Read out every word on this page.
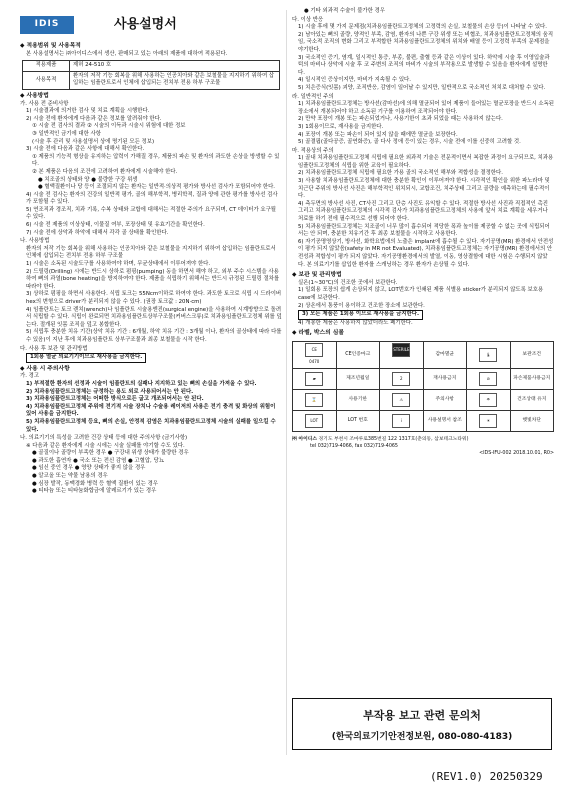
IDIS	사용설명서

◆ 적용범위 및 사용목적

본 사용설명서는 ㈜아이디스에서 생산, 판매되고 있는 아래의 제품에 대하여 적용된다.

적용제품	제허 24-510 호
사용목적	환자의 저작 기능 회복을 위해 사용하는 인공치아와 같은 보철물을 지지하기 위하여 삽입하는 임플란트로서 인체에 삽입되는 전치부 전용 하부 구조물

◆ 사용방법

가. 사용 전 준비사항

1) 시술결과에 의거한 검사 및 치료 계획을 시행한다.

2) 시술 전에 환자에게 다음과 같은 정보를 알려줘야 한다.

① 시술 전 검사의 결과 ② 시술의 이득과 시술시 위험에 대한 정보

③ 일반적인 금기에 대한 사항

(시술 후 관리 및 사용설명서 상에 명기된 모든 정보)

3) 시술 전에 다음과 같은 사항에 대해서 확인한다.

① 제품의 기능적 형상을 유지하는 압력이 가해질 경우, 제품의 파손 및 환자의 과도한 손상을 방생할 수 있다.

② 본 제품은 다음의 조건에 고려하여 환자에게 시술해야 한다.

● 치조골의 상태와 양 ● 불량한 구강 위생

● 혈액질환이나 당 등이 조절되지 않는 환자는 일반적·의상적 평가와 방사선 검사가 포함되어야 한다.

4) 시술 전 검사는 환자의 건강의 일반적 평가, 골의 해부학적, 병리학적, 질과 양에 관한 평가를 방사선 검사가 포함될 수 있다.

5) 연조직과 경조직, 치과 기록, 수복 상태와 교합에 대해서는 적절한 주의가 요구되며, CT 데이터가 요구될 수 있다.

6) 시술 전 제품의 이상상태, 이물질 여부, 포장상태 및 유효기간을 확인한다.

7) 시술 전에 상악과 하악에 대해서 각각 골 상태를 확인한다.

나. 사용방법

환자의 저작 기능 회복을 위해 사용하는 인공치아와 같은 보철물을 지지하기 위하여 삽입하는 임플란트로서 인체에 삽입되는 전치부 전용 하부 구조물

1) 시술은 소독된 시술도구를 사용하여야 하며, 무균상태에서 이루어져야 한다.

2) 드릴링(Drilling) 시에는 반드시 상하로 펌핑(pumping) 동을 하면서 해야 하고, 외부 주수 시스템을 사용하여 뼈의 과열(bone heating)을 방지하여야 한다. 제품을 식립하기 위해서는 반드시 규정된 드릴링 절차를 따라야 한다.

3) 상하로 펌핑을 하면서 사용한다. 식립 토크는 55Ncm이하로 하여야 한다. 과도한 토크로 식립 시 드라이버 hex의 변형으로 driver가 분리되지 않을 수 있다. (권장 토크값 : 20N·cm)

4) 임플란트는 토크 렌치(wrench)나 임플란트 시술용엔진(surgical engine)을 사용하여 시계방향으로 돌려서 식립할 수 있다. 식립이 완료되면 치과용임플란트상부구조물(커버스크류)로 치과용임플란트고정체 위를 덮는다. 절개된 잇몸 조직을 덮고 봉합한다.

5) 식립후 충분한 치유 기간(상악 치유 기간 : 6개월, 하악 치유 기간 : 3개월 이나, 환자의 골상태에 따라 다를 수 있음)이 지난 후에 치과용임플란트 상부구조물과 최종 보철물을 시작 한다.

다. 사용 후 보관 및 관리방법

1회용 멸균 의료기기이므로 재사용을 금지한다.

◆ 사용 시 주의사항

가. 경고

1) 부적절한 환자의 선정과 시술이 임플란트의 실패나 지지하고 있는 뼈의 손실을 가져올 수 있다.

2) 치과용임플란트고정체는 규정하는 용도 외로 사용되어서는 안 된다.

3) 치과용임플란트고정체는 어떠한 방식으로든 굽고 개조되어서는 안 된다.

4) 치과용임플란트고정체 주위에 전기적 시술 장치나 수술용 레이저의 사용은 전기 충격 및 화상의 위험이 있어 사용을 금지한다.

5) 치과용임플란트고정체 등요, 뼈의 손실, 안정적 감염은 치과용임플란트고정체 시술의 실패를 일으킬 수 있다.

나. 의료기기의 특성을 고려한 건강 상태 등에 대한 주의사항 (금기사항)

※ 다음과 같은 환자에게 시술 시에는 시술 실패를 야기할 수도 있다.

● 골질이나 골량이 부족한 경우 ● 구강내 위생 상태가 불량한 경우

● 과도한 흡연자 ● 국소 또는 전신 감염 ● 고혈압, 당뇨

● 임신 중인 경우 ● 영양 상태가 좋지 않을 경우

● 알코올 또는 약물 남용의 경우

● 심장 발작, 동맥경화 병력 등 혈액 질환이 있는 경우

● 티타늄 또는 티타늄화합금에 알레르기가 있는 경우

● 기타 외과적 수술이 불가한 경우

다. 이상 반응

1) 시술 후에 몇 가지 문제점(치과용임플란트고정체의 고정력의 손실, 보철물의 손상 등)이 나타날 수 있다.

2) 남아있는 뼈의 골량, 양적인 부족, 감염, 환자의 나쁜 구강 위생 또는 비협조, 치과용임플란트고정체의 움직임, 국소적 조직의 변화 그리고 부적합한 치과용임플란트고정체의 위치와 배열 등이 고정력 부족의 문제점을 야기한다.

3) 국소적인 증기, 염계, 일시적인 통증, 부종, 불편, 출혈 등과 같은 이상이 있다. 하악에 시술 후 이영입술과 턱의 마비나 상악에 시술 후 코 주변의 조직의 마비가 시술의 부작용으로 발생할 수 있음을 환자에게 설명한다.

4) 일시적인 증상이지만, 마비가 지속될 수 있다.

5) 치은증식(잇몸) 괴양, 조직반응, 감염이 일어날 수 있지만, 일반적으로 국소적인 처치로 대처할 수 있다.

라. 일반적인 주의

1) 치과용임플란트고정체는 방사선(감마선)에 의해 멸균되어 있어 제품이 들어있는 멸균포장을 반드시 소독된 장소에서 개봉되어야 하고 소독된 기구를 이용하여 조작되어야 한다.

2) 만약 포장이 개봉 또는 파손되었거나, 사용기한이 초과 되었을 때는 사용하지 않는다.

3) 1회용이므로, 재사용을 금지한다.

4) 포장이 개봉 또는 파손이 되어 있지 않을 때에만 멸균을 보장한다.

5) 골결핍(골다공증, 골연화증), 골 다사 정애 등이 있는 경우, 시술 전에 이를 신중히 고려할 것.

마. 적용상의 주의

1) 골내 치과용임플란트고정체 식립에 필요한 외과적 기술은 전문적이면서 복잡한 과정이 요구되므로, 치과용임플란트고정체의 식립을 위한 교육이 필요하다.

2) 치과용임플란트고정체 식립에 필요한 가용 골의 국소적인 해부와 적합성을 결정한다.

3) 사용할 치과용임플란트고정체에 대한 충분한 확인이 이루어져야 한다. 시각적인 확인을 위한 파노라마 및 치근단 주위의 방사선 사진은 해부학적인 위치되시, 교합조건, 치주상태 그리고 골량을 예측하는데 필수적이다.

4) 측두면의 방사선 사진, CT사진 그리고 단층 사진도 유익할 수 있다. 적절한 방사선 사진과 직접적인 촉진 그리고 치과용임플란트고정체의 시각적 검사가 치과용임플란트고정체의 사용에 앞서 치료 계획을 세우거나 처료를 하기 전에 필수적으로 선행 되어야 한다.

5) 치과용임플란트고정체는 치조골이 너무 많이 흡수되어 적당한 폭과 높이를 제공할 수 없는 곳에 식립되어서는 안 되며, 충분한 치유기간 후 최종 보철물을 시작하고 사용한다.

6) 자기공명영상기, 방사선, 화학요법에의 노출은 implant에 흡수될 수 있다. 자기공명(MR) 환경에서 안전성이 평가 되지 않았음(safety in MR not Evaluated), 치과용임플란트고정체는 자기공명(MR) 환경에서의 안전성과 적합성이 평가 되지 않았다. 자기공명환경에서의 발열, 이동, 영상결함에 대한 시험은 수행되지 않았다. 본 의료기기를 삽입한 환자를 스캐닝하는 경우 환자가 손상될 수 있다.

◆ 보관 및 관리방법

실온(1~30℃)의 건조한 곳에서 보관한다.

1) 일회용 포장의 쉽게 손상되지 않고, LOT번호가 인쇄된 제품 식별용 sticker가 분리되지 않도록 보호용 case에 보관한다.

2) 상온에서 통풍이 용이하고 건조한 장소에 보관한다.

3) 모든 제품은 1회용 이므로 재사용을 금지한다.

4) 개봉한 제품은 사용하지 않았더라도 폐기한다.

◆ 라벨, 박스의 심볼

CE 0470	CE인증마크	STERILE R	감마멸균	🌡	보관조건
▰	제조년월일	2	재사용금지	⊘	파손제품사용금지
⌛	사용기한	⚠	주의사항	☂	건조상태 유지
LOT	LOT 번호	i	사용설명서 참조	☀	햇빛차단

㈜ 아이디스 경기도 부천시 조마루로385번길 122 1317호(춘의동, 삼보테크노타워)

tel 032)719-4066, fax 032)719-4065

<IDS-IFU-002 2018.10.01, R0>

부작용 보고 관련 문의처
(한국의료기기안전정보원, 080-080-4183)
(REV1.0) 20250329
